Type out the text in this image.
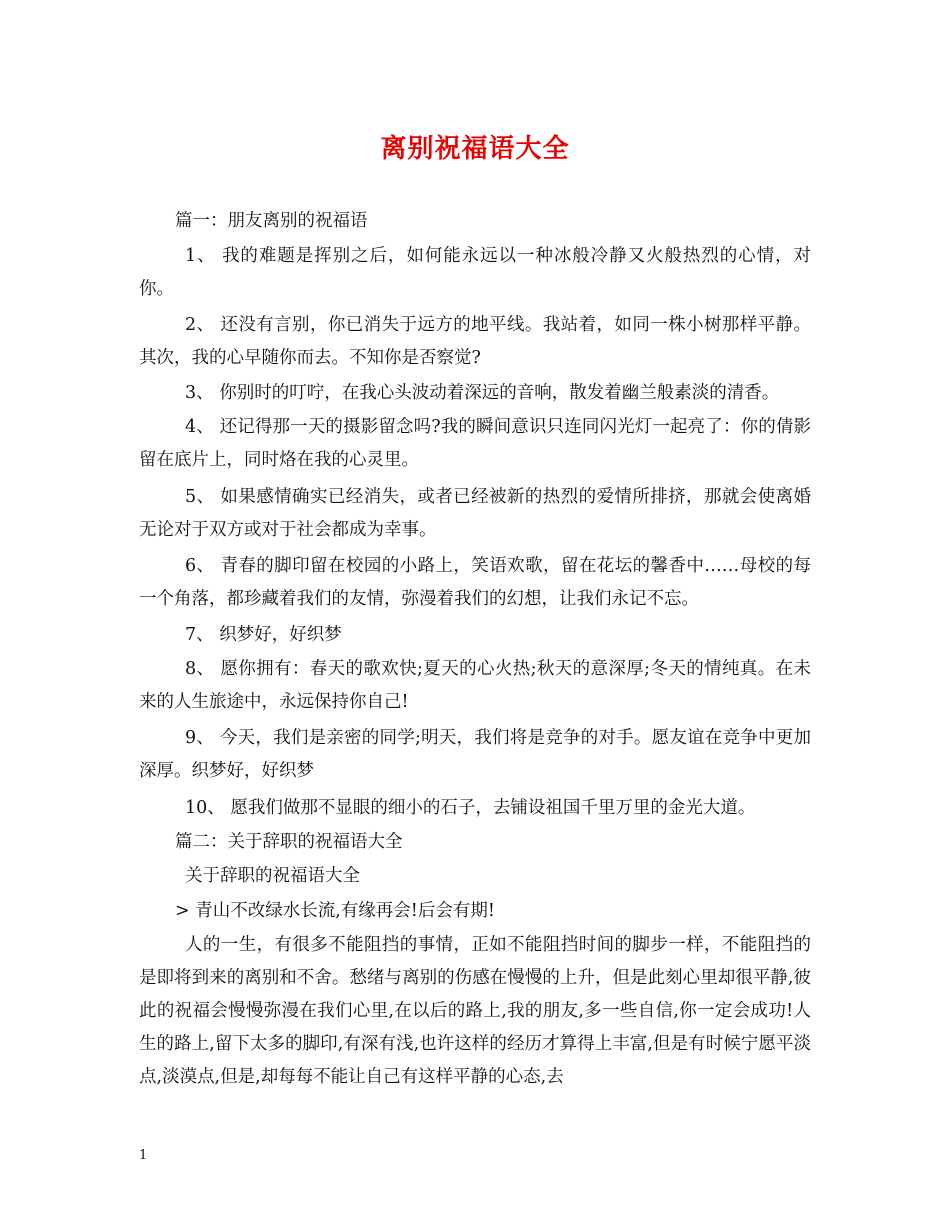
离别祝福语大全

篇一：朋友离别的祝福语

1、 我的难题是挥别之后，如何能永远以一种冰般冷静又火般热烈的心情，对你。

2、 还没有言别，你已消失于远方的地平线。我站着，如同一株小树那样平静。其次，我的心早随你而去。不知你是否察觉?

3、 你别时的叮咛，在我心头波动着深远的音响，散发着幽兰般素淡的清香。

4、 还记得那一天的摄影留念吗?我的瞬间意识只连同闪光灯一起亮了：你的倩影留在底片上，同时烙在我的心灵里。

5、 如果感情确实已经消失，或者已经被新的热烈的爱情所排挤，那就会使离婚无论对于双方或对于社会都成为幸事。

6、 青春的脚印留在校园的小路上，笑语欢歌，留在花坛的馨香中……母校的每一个角落，都珍藏着我们的友情，弥漫着我们的幻想，让我们永记不忘。

7、 织梦好，好织梦

8、 愿你拥有：春天的歌欢快;夏天的心火热;秋天的意深厚;冬天的情纯真。在未来的人生旅途中，永远保持你自己!

9、 今天，我们是亲密的同学;明天，我们将是竞争的对手。愿友谊在竞争中更加深厚。织梦好，好织梦

10、 愿我们做那不显眼的细小的石子，去铺设祖国千里万里的金光大道。

篇二：关于辞职的祝福语大全

关于辞职的祝福语大全

> 青山不改绿水长流,有缘再会!后会有期!

人的一生，有很多不能阻挡的事情，正如不能阻挡时间的脚步一样，不能阻挡的是即将到来的离别和不舍。愁绪与离别的伤感在慢慢的上升，但是此刻心里却很平静,彼此的祝福会慢慢弥漫在我们心里,在以后的路上,我的朋友,多一些自信,你一定会成功!人生的路上,留下太多的脚印,有深有浅,也许这样的经历才算得上丰富,但是有时候宁愿平淡点,淡漠点,但是,却每每不能让自己有这样平静的心态,去

1
